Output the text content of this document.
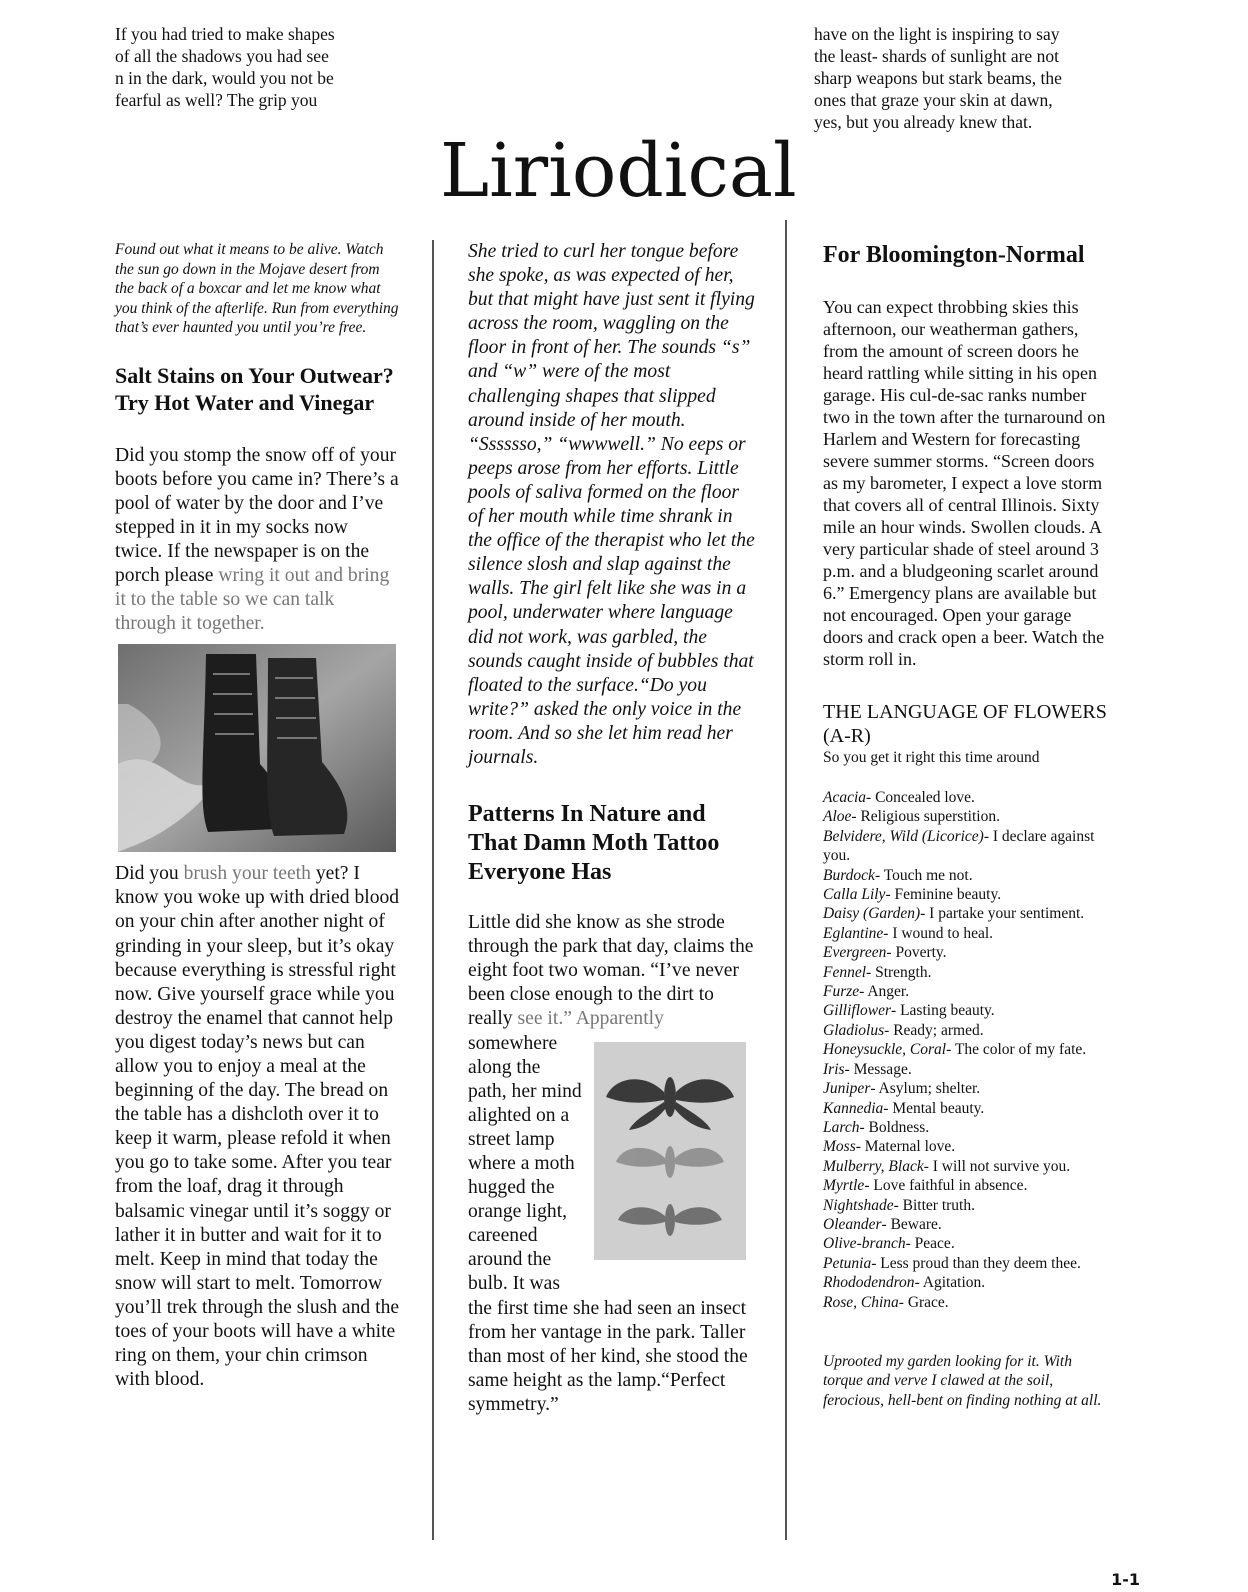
If you had tried to make shapes
of all the shadows you had see
n in the dark, would you not be
fearful as well? The grip you
have on the light is inspiring to say
the least- shards of sunlight are not
sharp weapons but stark beams, the
ones that graze your skin at dawn,
yes, but you already knew that.
Liriodical

Found out what it means to be alive. Watch the sun go down in the Mojave desert from the back of a boxcar and let me know what you think of the afterlife. Run from everything that’s ever haunted you until you’re free.

Salt Stains on Your Outwear? Try Hot Water and Vinegar

Did you stomp the snow off of your boots before you came in? There’s a pool of water by the door and I’ve stepped in it in my socks now twice. If the newspaper is on the porch please wring it out and bring it to the table so we can talk through it together.

Did you brush your teeth yet? I know you woke up with dried blood on your chin after another night of grinding in your sleep, but it’s okay because everything is stressful right now. Give yourself grace while you destroy the enamel that cannot help you digest today’s news but can allow you to enjoy a meal at the beginning of the day. The bread on the table has a dishcloth over it to keep it warm, please refold it when you go to take some. After you tear from the loaf, drag it through balsamic vinegar until it’s soggy or lather it in butter and wait for it to melt. Keep in mind that today the snow will start to melt. Tomorrow you’ll trek through the slush and the toes of your boots will have a white ring on them, your chin crimson with blood.

She tried to curl her tongue before she spoke, as was expected of her, but that might have just sent it flying across the room, waggling on the floor in front of her. The sounds “s” and “w” were of the most challenging shapes that slipped around inside of her mouth. “Sssssso,” “wwwwell.” No eeps or peeps arose from her efforts. Little pools of saliva formed on the floor of her mouth while time shrank in the office of the therapist who let the silence slosh and slap against the walls. The girl felt like she was in a pool, underwater where language did not work, was garbled, the sounds caught inside of bubbles that floated to the surface.“Do you write?” asked the only voice in the room. And so she let him read her journals.

Patterns In Nature and That Damn Moth Tattoo Everyone Has

Little did she know as she strode through the park that day, claims the eight foot two woman. “I’ve never been close enough to the dirt to really see it.” Apparently

somewhere
along the
path, her mind
alighted on a
street lamp
where a moth
hugged the
orange light,
careened
around the
bulb. It was

the first time she had seen an insect from her vantage in the park. Taller than most of her kind, she stood the same height as the lamp.“Perfect symmetry.”

For Bloomington-Normal

You can expect throbbing skies this afternoon, our weatherman gathers, from the amount of screen doors he heard rattling while sitting in his open garage. His cul-de-sac ranks number two in the town after the turnaround on Harlem and Western for forecasting severe summer storms. “Screen doors as my barometer, I expect a love storm that covers all of central Illinois. Sixty mile an hour winds. Swollen clouds. A very particular shade of steel around 3 p.m. and a bludgeoning scarlet around 6.” Emergency plans are available but not encouraged. Open your garage doors and crack open a beer. Watch the storm roll in.

THE LANGUAGE OF FLOWERS (A-R)
So you get it right this time around
Acacia- Concealed love.
Aloe- Religious superstition.
Belvidere, Wild (Licorice)- I declare against you.
Burdock- Touch me not.
Calla Lily- Feminine beauty.
Daisy (Garden)- I partake your sentiment.
Eglantine- I wound to heal.
Evergreen- Poverty.
Fennel- Strength.
Furze- Anger.
Gilliflower- Lasting beauty.
Gladiolus- Ready; armed.
Honeysuckle, Coral- The color of my fate.
Iris- Message.
Juniper- Asylum; shelter.
Kannedia- Mental beauty.
Larch- Boldness.
Moss- Maternal love.
Mulberry, Black- I will not survive you.
Myrtle- Love faithful in absence.
Nightshade- Bitter truth.
Oleander- Beware.
Olive-branch- Peace.
Petunia- Less proud than they deem thee.
Rhododendron- Agitation.
Rose, China- Grace.

Uprooted my garden looking for it. With torque and verve I clawed at the soil, ferocious, hell-bent on finding nothing at all.

1-1
